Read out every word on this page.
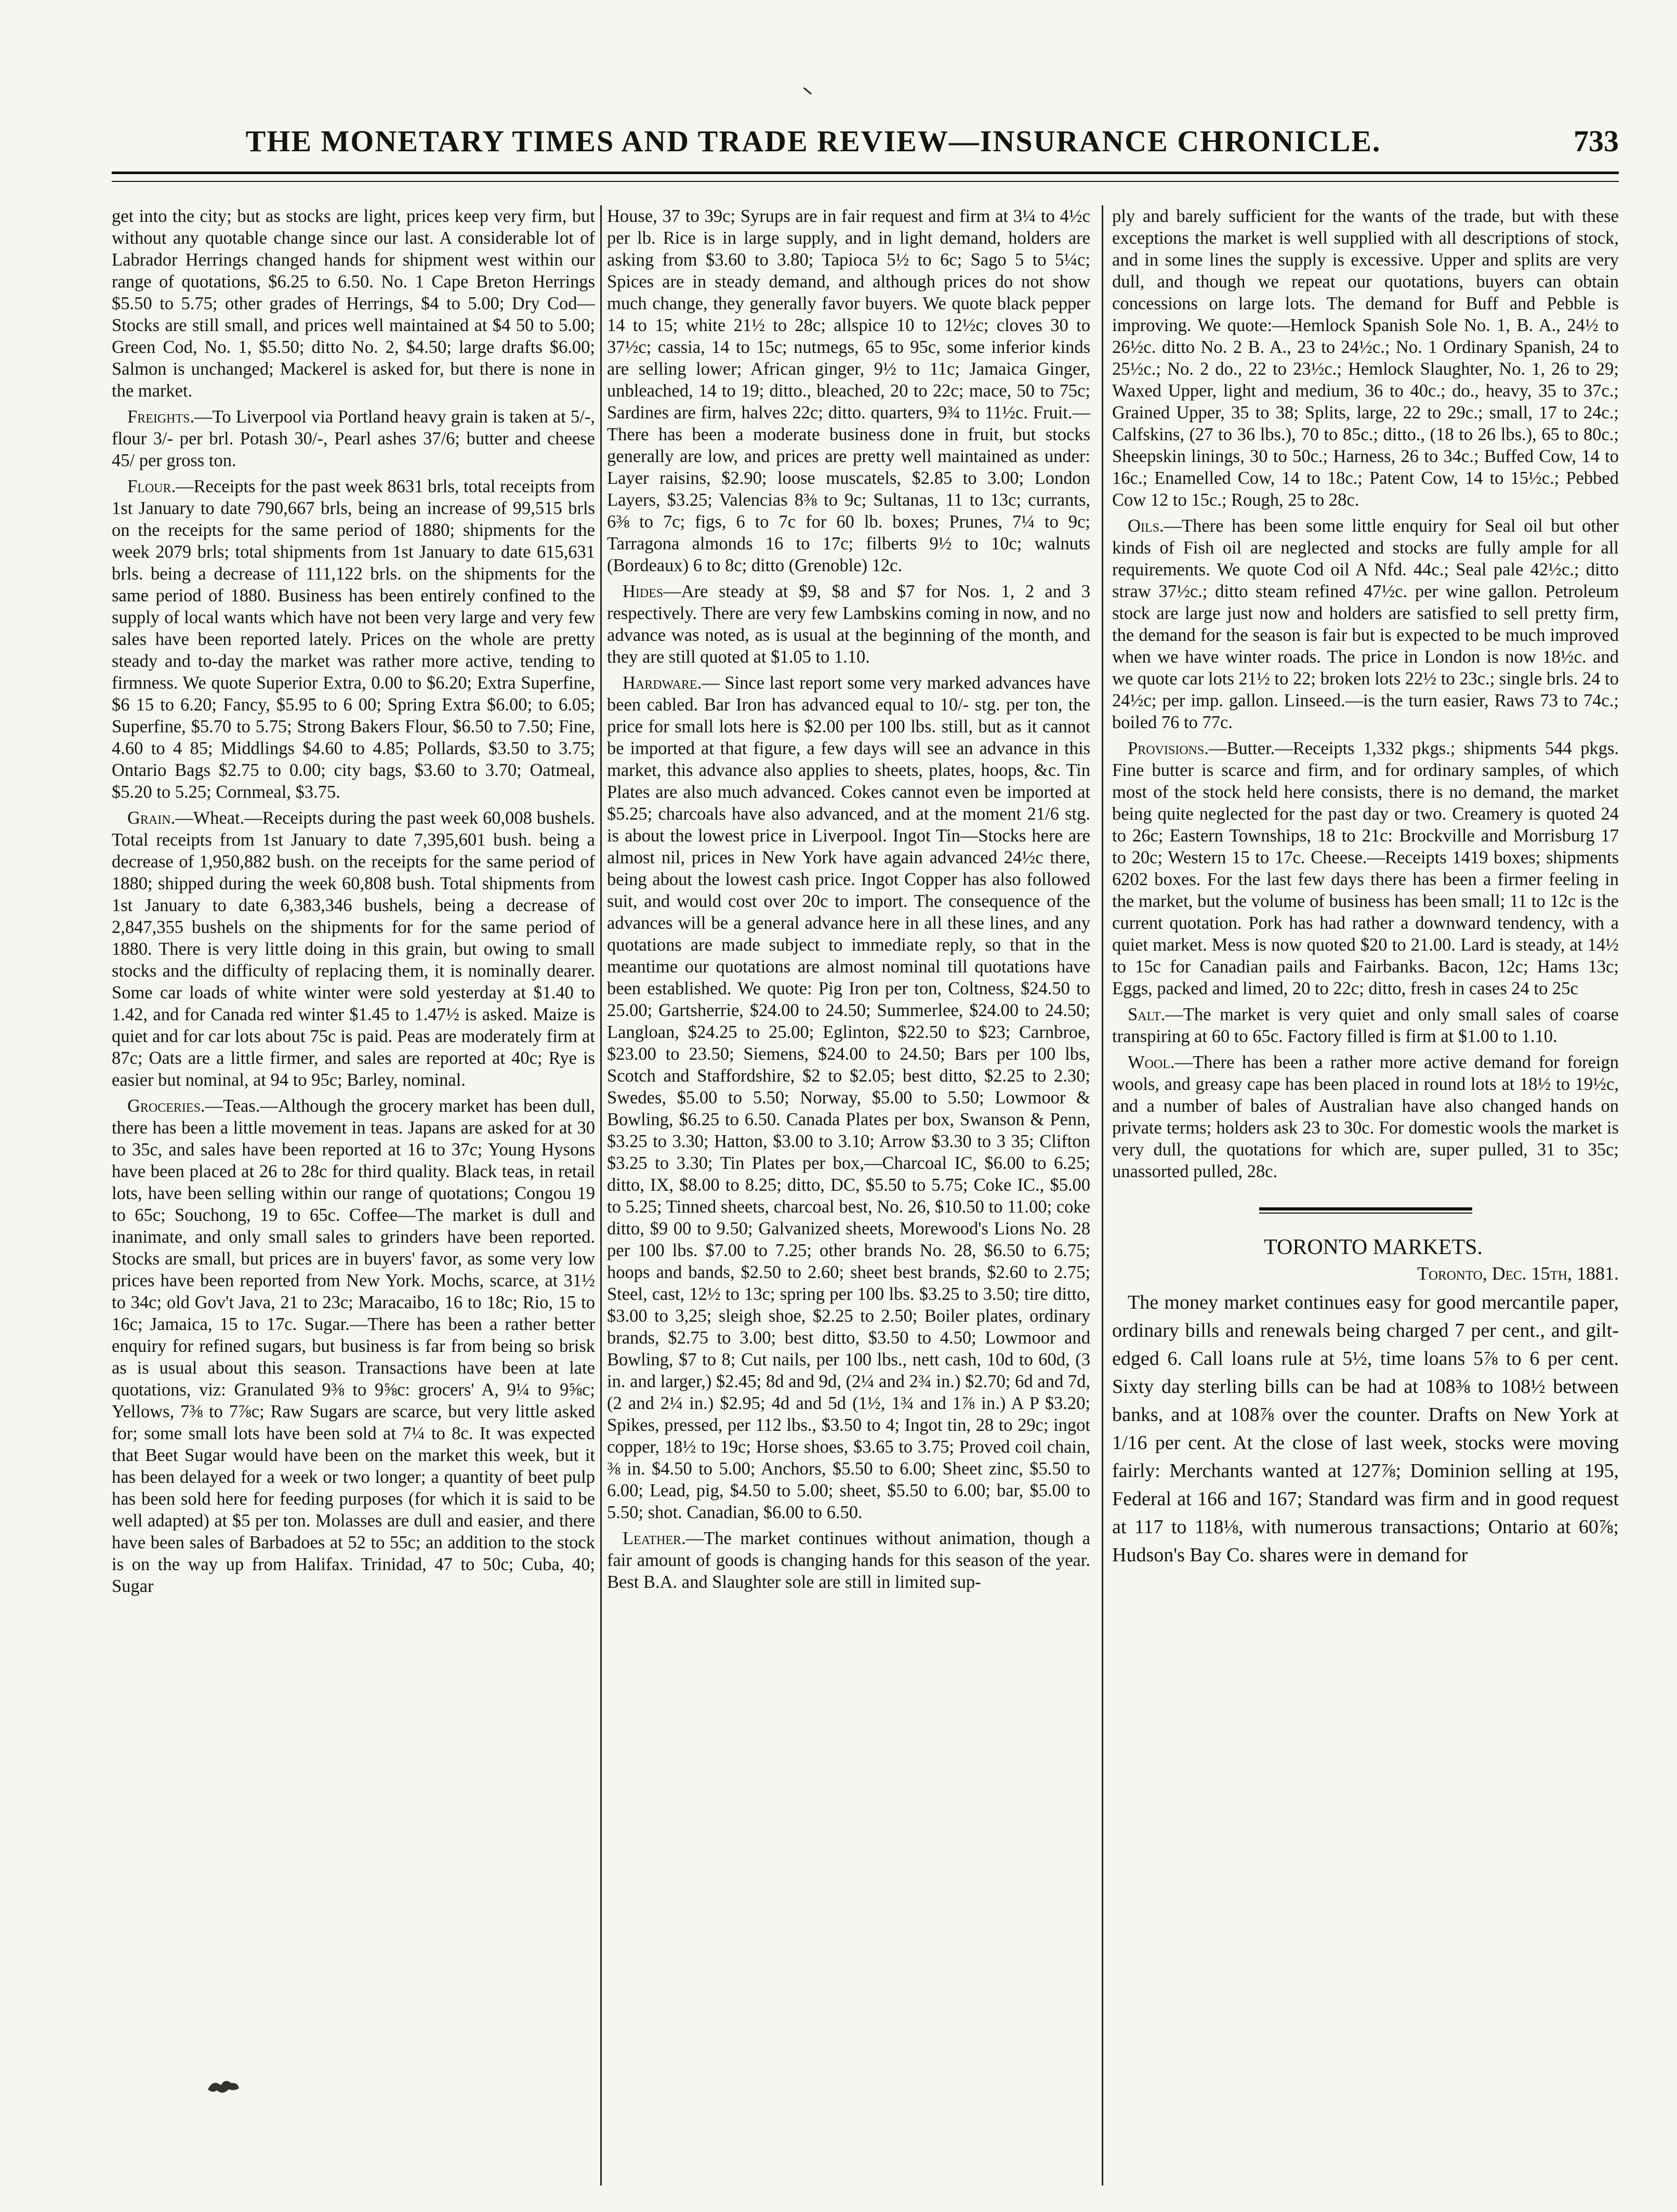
THE MONETARY TIMES AND TRADE REVIEW—INSURANCE CHRONICLE.	733

get into the city; but as stocks are light, prices keep very firm, but without any quotable change since our last. A considerable lot of Labrador Herrings changed hands for shipment west within our range of quotations, $6.25 to 6.50. No. 1 Cape Breton Herrings $5.50 to 5.75; other grades of Herrings, $4 to 5.00; Dry Cod—Stocks are still small, and prices well maintained at $4 50 to 5.00; Green Cod, No. 1, $5.50; ditto No. 2, $4.50; large drafts $6.00; Salmon is unchanged; Mackerel is asked for, but there is none in the market.

Freights.—To Liverpool via Portland heavy grain is taken at 5/-, flour 3/- per brl. Potash 30/-, Pearl ashes 37/6; butter and cheese 45/ per gross ton.

Flour.—Receipts for the past week 8631 brls, total receipts from 1st January to date 790,667 brls, being an increase of 99,515 brls on the receipts for the same period of 1880; shipments for the week 2079 brls; total shipments from 1st January to date 615,631 brls. being a decrease of 111,122 brls. on the shipments for the same period of 1880. Business has been entirely confined to the supply of local wants which have not been very large and very few sales have been reported lately. Prices on the whole are pretty steady and to-day the market was rather more active, tending to firmness. We quote Superior Extra, 0.00 to $6.20; Extra Superfine, $6 15 to 6.20; Fancy, $5.95 to 6 00; Spring Extra $6.00; to 6.05; Superfine, $5.70 to 5.75; Strong Bakers Flour, $6.50 to 7.50; Fine, 4.60 to 4 85; Middlings $4.60 to 4.85; Pollards, $3.50 to 3.75; Ontario Bags $2.75 to 0.00; city bags, $3.60 to 3.70; Oatmeal, $5.20 to 5.25; Cornmeal, $3.75.

Grain.—Wheat.—Receipts during the past week 60,008 bushels. Total receipts from 1st January to date 7,395,601 bush. being a decrease of 1,950,882 bush. on the receipts for the same period of 1880; shipped during the week 60,808 bush. Total shipments from 1st January to date 6,383,346 bushels, being a decrease of 2,847,355 bushels on the shipments for for the same period of 1880. There is very little doing in this grain, but owing to small stocks and the difficulty of replacing them, it is nominally dearer. Some car loads of white winter were sold yesterday at $1.40 to 1.42, and for Canada red winter $1.45 to 1.47½ is asked. Maize is quiet and for car lots about 75c is paid. Peas are moderately firm at 87c; Oats are a little firmer, and sales are reported at 40c; Rye is easier but nominal, at 94 to 95c; Barley, nominal.

Groceries.—Teas.—Although the grocery market has been dull, there has been a little movement in teas. Japans are asked for at 30 to 35c, and sales have been reported at 16 to 37c; Young Hysons have been placed at 26 to 28c for third quality. Black teas, in retail lots, have been selling within our range of quotations; Congou 19 to 65c; Souchong, 19 to 65c. Coffee—The market is dull and inanimate, and only small sales to grinders have been reported. Stocks are small, but prices are in buyers' favor, as some very low prices have been reported from New York. Mochs, scarce, at 31½ to 34c; old Gov't Java, 21 to 23c; Maracaibo, 16 to 18c; Rio, 15 to 16c; Jamaica, 15 to 17c. Sugar.—There has been a rather better enquiry for refined sugars, but business is far from being so brisk as is usual about this season. Transactions have been at late quotations, viz: Granulated 9⅜ to 9⅝c: grocers' A, 9¼ to 9⅝c; Yellows, 7⅜ to 7⅞c; Raw Sugars are scarce, but very little asked for; some small lots have been sold at 7¼ to 8c. It was expected that Beet Sugar would have been on the market this week, but it has been delayed for a week or two longer; a quantity of beet pulp has been sold here for feeding purposes (for which it is said to be well adapted) at $5 per ton. Molasses are dull and easier, and there have been sales of Barbadoes at 52 to 55c; an addition to the stock is on the way up from Halifax. Trinidad, 47 to 50c; Cuba, 40; Sugar

House, 37 to 39c; Syrups are in fair request and firm at 3¼ to 4½c per lb. Rice is in large supply, and in light demand, holders are asking from $3.60 to 3.80; Tapioca 5½ to 6c; Sago 5 to 5¼c; Spices are in steady demand, and although prices do not show much change, they generally favor buyers. We quote black pepper 14 to 15; white 21½ to 28c; allspice 10 to 12½c; cloves 30 to 37½c; cassia, 14 to 15c; nutmegs, 65 to 95c, some inferior kinds are selling lower; African ginger, 9½ to 11c; Jamaica Ginger, unbleached, 14 to 19; ditto., bleached, 20 to 22c; mace, 50 to 75c; Sardines are firm, halves 22c; ditto. quarters, 9¾ to 11½c. Fruit.—There has been a moderate business done in fruit, but stocks generally are low, and prices are pretty well maintained as under: Layer raisins, $2.90; loose muscatels, $2.85 to 3.00; London Layers, $3.25; Valencias 8⅜ to 9c; Sultanas, 11 to 13c; currants, 6⅜ to 7c; figs, 6 to 7c for 60 lb. boxes; Prunes, 7¼ to 9c; Tarragona almonds 16 to 17c; filberts 9½ to 10c; walnuts (Bordeaux) 6 to 8c; ditto (Grenoble) 12c.

Hides—Are steady at $9, $8 and $7 for Nos. 1, 2 and 3 respectively. There are very few Lambskins coming in now, and no advance was noted, as is usual at the beginning of the month, and they are still quoted at $1.05 to 1.10.

Hardware.— Since last report some very marked advances have been cabled. Bar Iron has advanced equal to 10/- stg. per ton, the price for small lots here is $2.00 per 100 lbs. still, but as it cannot be imported at that figure, a few days will see an advance in this market, this advance also applies to sheets, plates, hoops, &c. Tin Plates are also much advanced. Cokes cannot even be imported at $5.25; charcoals have also advanced, and at the moment 21/6 stg. is about the lowest price in Liverpool. Ingot Tin—Stocks here are almost nil, prices in New York have again advanced 24½c there, being about the lowest cash price. Ingot Copper has also followed suit, and would cost over 20c to import. The consequence of the advances will be a general advance here in all these lines, and any quotations are made subject to immediate reply, so that in the meantime our quotations are almost nominal till quotations have been established. We quote: Pig Iron per ton, Coltness, $24.50 to 25.00; Gartsherrie, $24.00 to 24.50; Summerlee, $24.00 to 24.50; Langloan, $24.25 to 25.00; Eglinton, $22.50 to $23; Carnbroe, $23.00 to 23.50; Siemens, $24.00 to 24.50; Bars per 100 lbs, Scotch and Staffordshire, $2 to $2.05; best ditto, $2.25 to 2.30; Swedes, $5.00 to 5.50; Norway, $5.00 to 5.50; Lowmoor & Bowling, $6.25 to 6.50. Canada Plates per box, Swanson & Penn, $3.25 to 3.30; Hatton, $3.00 to 3.10; Arrow $3.30 to 3 35; Clifton $3.25 to 3.30; Tin Plates per box,—Charcoal IC, $6.00 to 6.25; ditto, IX, $8.00 to 8.25; ditto, DC, $5.50 to 5.75; Coke IC., $5.00 to 5.25; Tinned sheets, charcoal best, No. 26, $10.50 to 11.00; coke ditto, $9 00 to 9.50; Galvanized sheets, Morewood's Lions No. 28 per 100 lbs. $7.00 to 7.25; other brands No. 28, $6.50 to 6.75; hoops and bands, $2.50 to 2.60; sheet best brands, $2.60 to 2.75; Steel, cast, 12½ to 13c; spring per 100 lbs. $3.25 to 3.50; tire ditto, $3.00 to 3,25; sleigh shoe, $2.25 to 2.50; Boiler plates, ordinary brands, $2.75 to 3.00; best ditto, $3.50 to 4.50; Lowmoor and Bowling, $7 to 8; Cut nails, per 100 lbs., nett cash, 10d to 60d, (3 in. and larger,) $2.45; 8d and 9d, (2¼ and 2¾ in.) $2.70; 6d and 7d, (2 and 2¼ in.) $2.95; 4d and 5d (1½, 1¾ and 1⅞ in.) A P $3.20; Spikes, pressed, per 112 lbs., $3.50 to 4; Ingot tin, 28 to 29c; ingot copper, 18½ to 19c; Horse shoes, $3.65 to 3.75; Proved coil chain, ⅜ in. $4.50 to 5.00; Anchors, $5.50 to 6.00; Sheet zinc, $5.50 to 6.00; Lead, pig, $4.50 to 5.00; sheet, $5.50 to 6.00; bar, $5.00 to 5.50; shot. Canadian, $6.00 to 6.50.

Leather.—The market continues without animation, though a fair amount of goods is changing hands for this season of the year. Best B.A. and Slaughter sole are still in limited sup-

ply and barely sufficient for the wants of the trade, but with these exceptions the market is well supplied with all descriptions of stock, and in some lines the supply is excessive. Upper and splits are very dull, and though we repeat our quotations, buyers can obtain concessions on large lots. The demand for Buff and Pebble is improving. We quote:—Hemlock Spanish Sole No. 1, B. A., 24½ to 26½c. ditto No. 2 B. A., 23 to 24½c.; No. 1 Ordinary Spanish, 24 to 25½c.; No. 2 do., 22 to 23½c.; Hemlock Slaughter, No. 1, 26 to 29; Waxed Upper, light and medium, 36 to 40c.; do., heavy, 35 to 37c.; Grained Upper, 35 to 38; Splits, large, 22 to 29c.; small, 17 to 24c.; Calfskins, (27 to 36 lbs.), 70 to 85c.; ditto., (18 to 26 lbs.), 65 to 80c.; Sheepskin linings, 30 to 50c.; Harness, 26 to 34c.; Buffed Cow, 14 to 16c.; Enamelled Cow, 14 to 18c.; Patent Cow, 14 to 15½c.; Pebbed Cow 12 to 15c.; Rough, 25 to 28c.

Oils.—There has been some little enquiry for Seal oil but other kinds of Fish oil are neglected and stocks are fully ample for all requirements. We quote Cod oil A Nfd. 44c.; Seal pale 42½c.; ditto straw 37½c.; ditto steam refined 47½c. per wine gallon. Petroleum stock are large just now and holders are satisfied to sell pretty firm, the demand for the season is fair but is expected to be much improved when we have winter roads. The price in London is now 18½c. and we quote car lots 21½ to 22; broken lots 22½ to 23c.; single brls. 24 to 24½c; per imp. gallon. Linseed.—is the turn easier, Raws 73 to 74c.; boiled 76 to 77c.

Provisions.—Butter.—Receipts 1,332 pkgs.; shipments 544 pkgs. Fine butter is scarce and firm, and for ordinary samples, of which most of the stock held here consists, there is no demand, the market being quite neglected for the past day or two. Creamery is quoted 24 to 26c; Eastern Townships, 18 to 21c: Brockville and Morrisburg 17 to 20c; Western 15 to 17c. Cheese.—Receipts 1419 boxes; shipments 6202 boxes. For the last few days there has been a firmer feeling in the market, but the volume of business has been small; 11 to 12c is the current quotation. Pork has had rather a downward tendency, with a quiet market. Mess is now quoted $20 to 21.00. Lard is steady, at 14½ to 15c for Canadian pails and Fairbanks. Bacon, 12c; Hams 13c; Eggs, packed and limed, 20 to 22c; ditto, fresh in cases 24 to 25c

Salt.—The market is very quiet and only small sales of coarse transpiring at 60 to 65c. Factory filled is firm at $1.00 to 1.10.

Wool.—There has been a rather more active demand for foreign wools, and greasy cape has been placed in round lots at 18½ to 19½c, and a number of bales of Australian have also changed hands on private terms; holders ask 23 to 30c. For domestic wools the market is very dull, the quotations for which are, super pulled, 31 to 35c; unassorted pulled, 28c.

TORONTO MARKETS.

Toronto, Dec. 15th, 1881.

The money market continues easy for good mercantile paper, ordinary bills and renewals being charged 7 per cent., and gilt-edged 6. Call loans rule at 5½, time loans 5⅞ to 6 per cent. Sixty day sterling bills can be had at 108⅜ to 108½ between banks, and at 108⅞ over the counter. Drafts on New York at 1/16 per cent. At the close of last week, stocks were moving fairly: Merchants wanted at 127⅞; Dominion selling at 195, Federal at 166 and 167; Standard was firm and in good request at 117 to 118⅛, with numerous transactions; Ontario at 60⅞; Hudson's Bay Co. shares were in demand for
